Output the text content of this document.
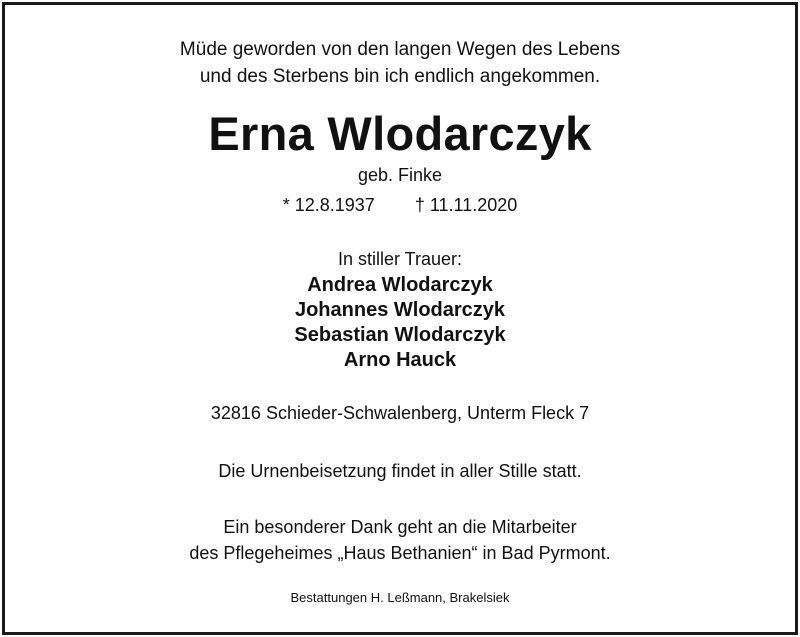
Müde geworden von den langen Wegen des Lebens
und des Sterbens bin ich endlich angekommen.
Erna Wlodarczyk
geb. Finke
* 12.8.1937 † 11.11.2020
In stiller Trauer:
Andrea Wlodarczyk
Johannes Wlodarczyk
Sebastian Wlodarczyk
Arno Hauck
32816 Schieder-Schwalenberg, Unterm Fleck 7
Die Urnenbeisetzung findet in aller Stille statt.
Ein besonderer Dank geht an die Mitarbeiter
des Pflegeheimes „Haus Bethanien“ in Bad Pyrmont.
Bestattungen H. Leßmann, Brakelsiek
